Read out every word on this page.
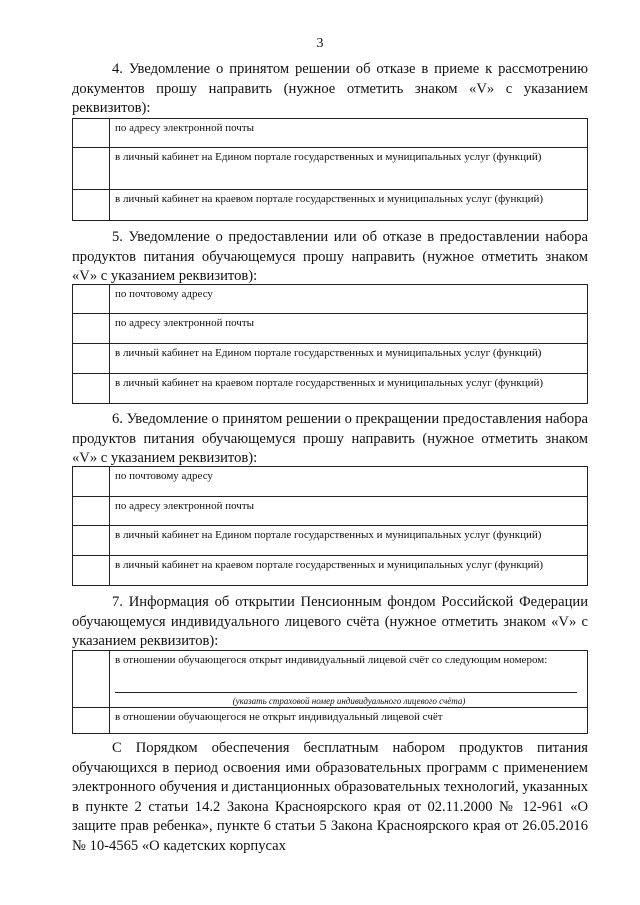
3

4. Уведомление о принятом решении об отказе в приеме к рассмотрению документов прошу направить (нужное отметить знаком «V» с указанием реквизитов):

по адресу электронной почты
в личный кабинет на Едином портале государственных и муниципальных услуг (функций)
в личный кабинет на краевом портале государственных и муниципальных услуг (функций)

5. Уведомление о предоставлении или об отказе в предоставлении набора продуктов питания обучающемуся прошу направить (нужное отметить знаком «V» с указанием реквизитов):

по почтовому адресу
по адресу электронной почты
в личный кабинет на Едином портале государственных и муниципальных услуг (функций)
в личный кабинет на краевом портале государственных и муниципальных услуг (функций)

6. Уведомление о принятом решении о прекращении предоставления набора продуктов питания обучающемуся прошу направить (нужное отметить знаком «V» с указанием реквизитов):

по почтовому адресу
по адресу электронной почты
в личный кабинет на Едином портале государственных и муниципальных услуг (функций)
в личный кабинет на краевом портале государственных и муниципальных услуг (функций)

7. Информация об открытии Пенсионным фондом Российской Федерации обучающемуся индивидуального лицевого счёта (нужное отметить знаком «V» с указанием реквизитов):

в отношении обучающегося открыт индивидуальный лицевой счёт со следующим номером:
(указать страховой номер индивидуального лицевого счёта)
в отношении обучающегося не открыт индивидуальный лицевой счёт

С Порядком обеспечения бесплатным набором продуктов питания обучающихся в период освоения ими образовательных программ с применением электронного обучения и дистанционных образовательных технологий, указанных в пункте 2 статьи 14.2 Закона Красноярского края от 02.11.2000 № 12-961 «О защите прав ребенка», пункте 6 статьи 5 Закона Красноярского края от 26.05.2016 № 10-4565 «О кадетских корпусах
